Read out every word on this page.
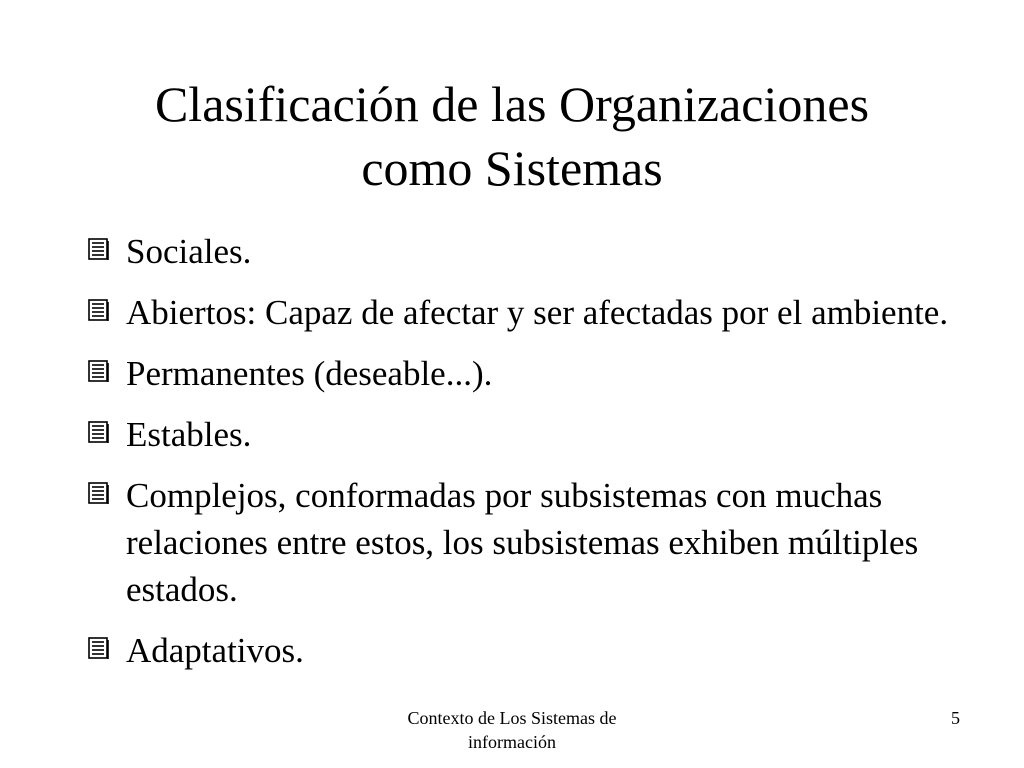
Clasificación de las Organizaciones
como Sistemas
Sociales.
Abiertos: Capaz de afectar y ser afectadas por el ambiente.
Permanentes (deseable...).
Estables.
Complejos, conformadas por subsistemas con muchas relaciones entre estos, los subsistemas exhiben múltiples estados.
Adaptativos.
Contexto de Los Sistemas de
información
5
